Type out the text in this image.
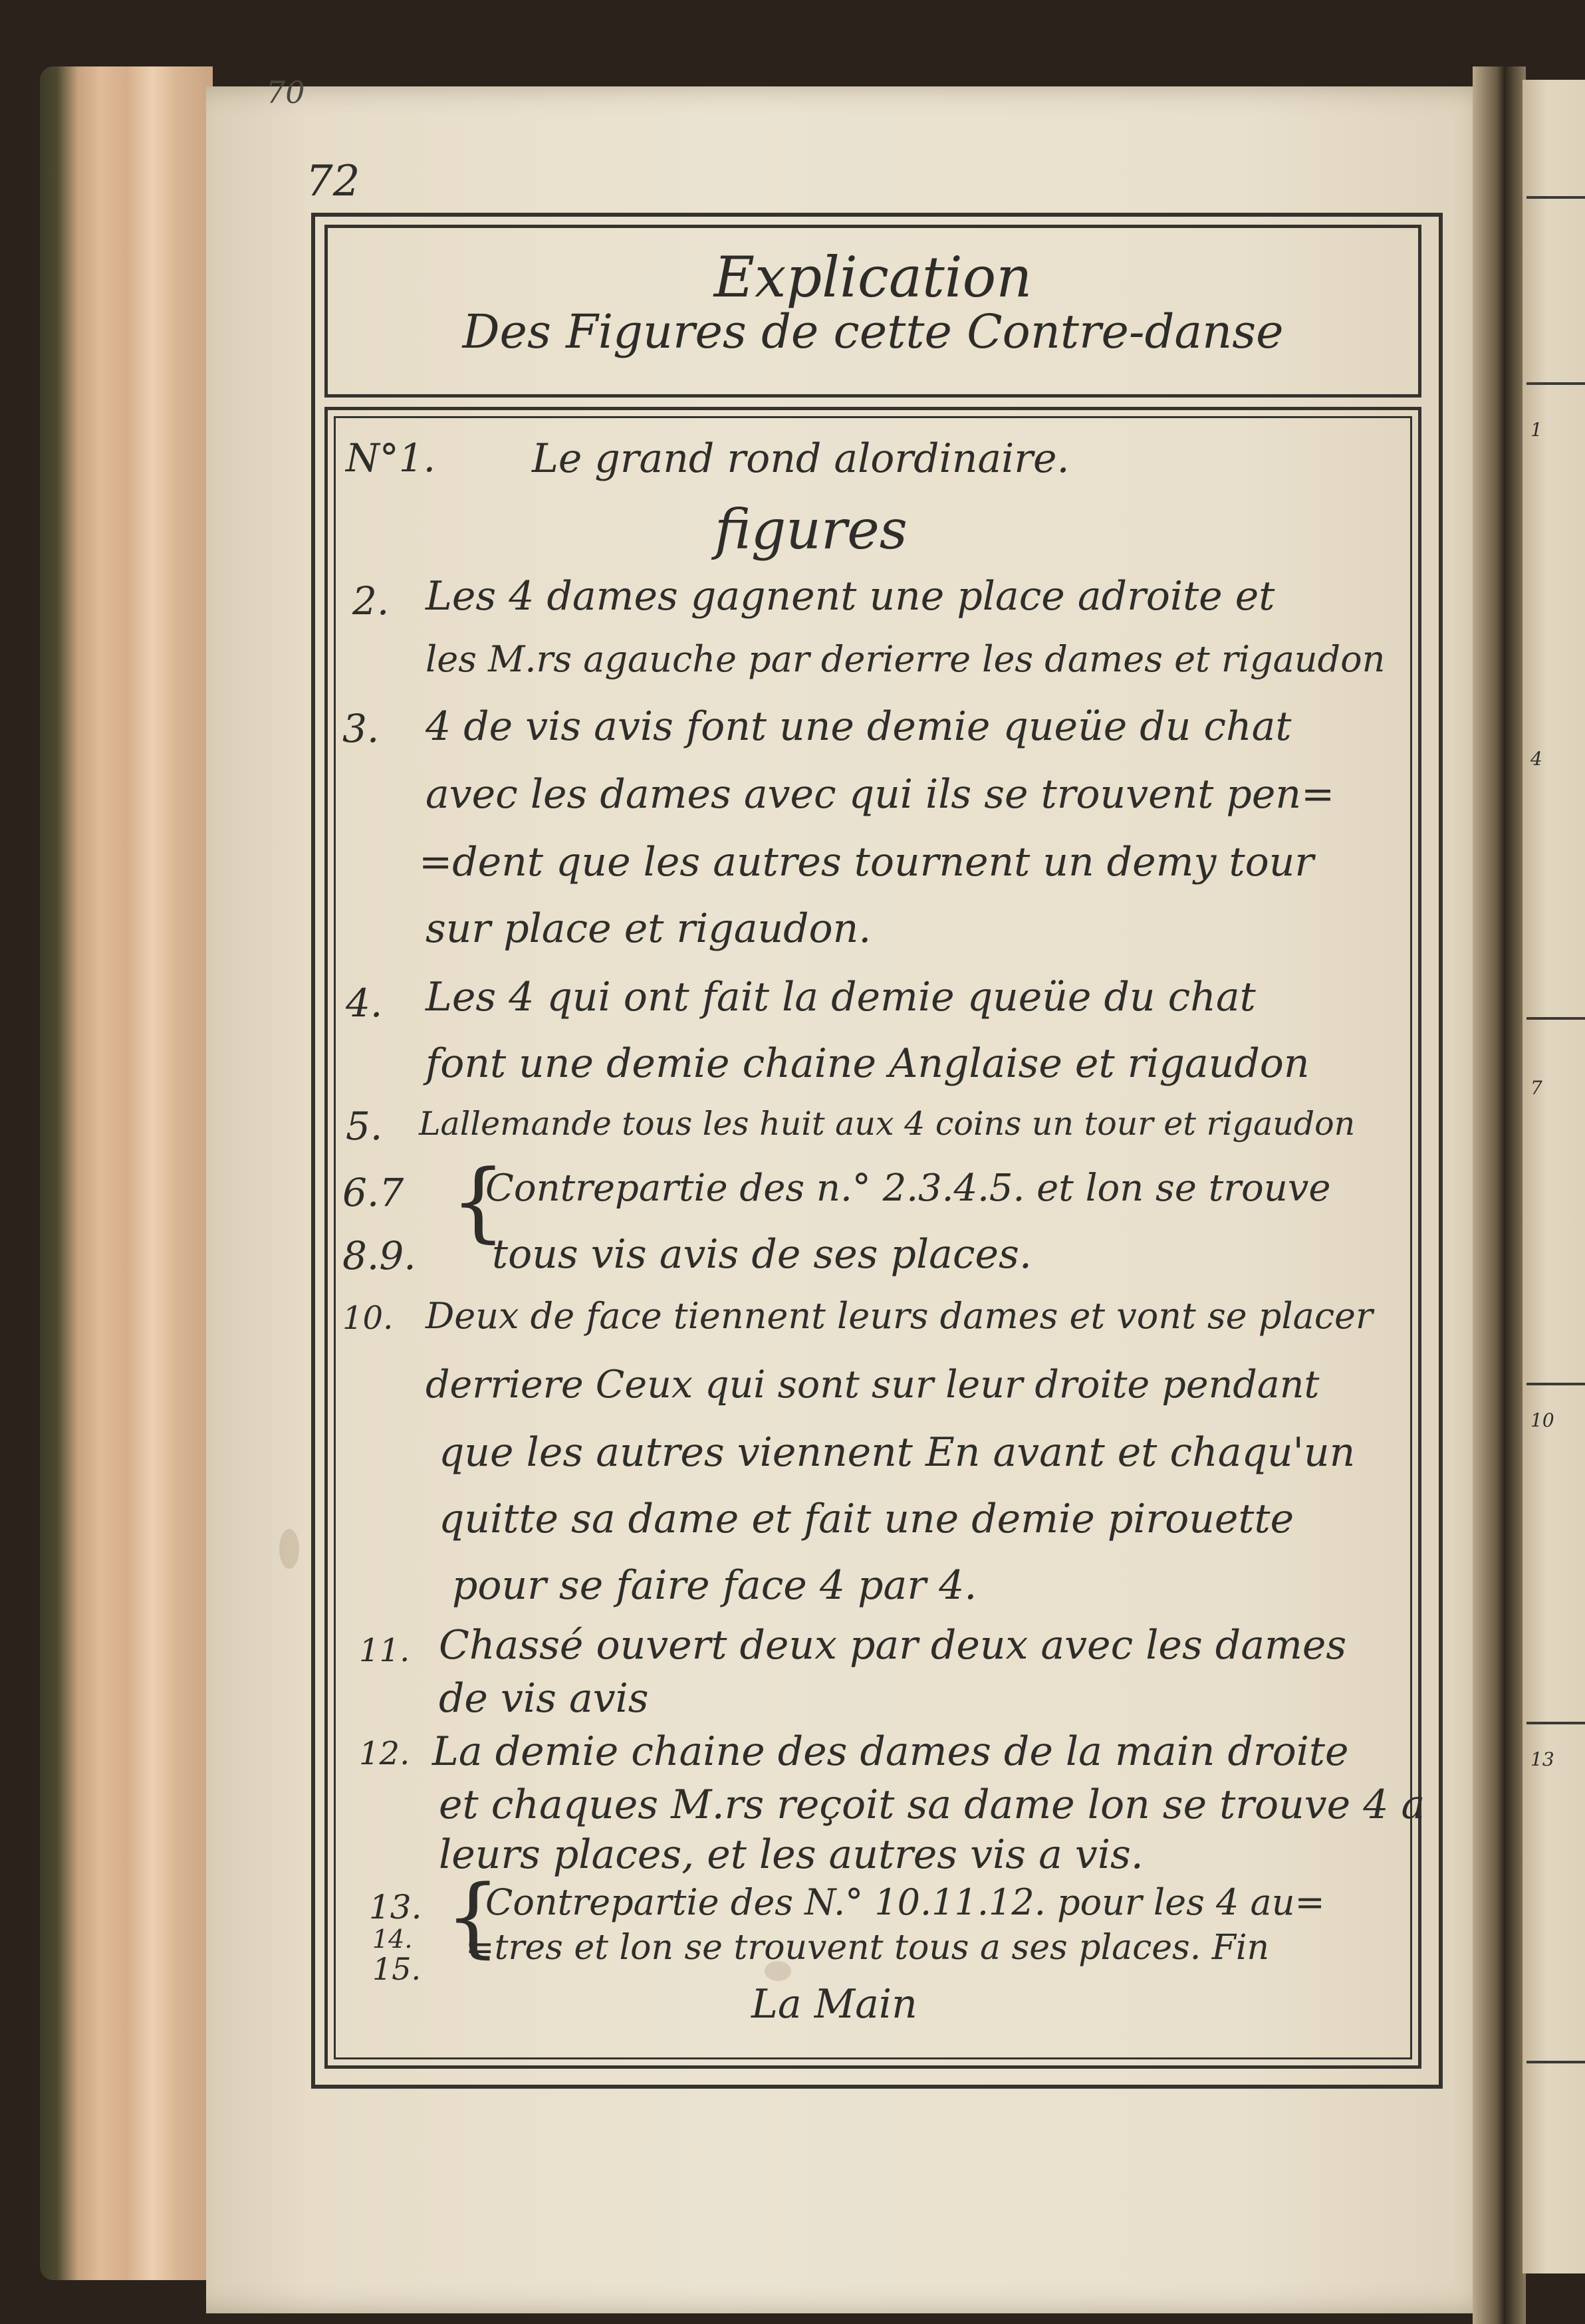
1
4
7
10
13
70
72
Explication
Des Figures de cette Contre-danse
N°1. Le grand rond alordinaire.
figures
2. Les 4 dames gagnent une place adroite et
les M.rs agauche par derierre les dames et rigaudon
3. 4 de vis avis font une demie queüe du chat
avec les dames avec qui ils se trouvent pen=
=dent que les autres tournent un demy tour
sur place et rigaudon.
4. Les 4 qui ont fait la demie queüe du chat
font une demie chaine Anglaise et rigaudon
5. Lallemande tous les huit aux 4 coins un tour et rigaudon
6.7 {
Contrepartie des n.° 2.3.4.5. et lon se trouve
8.9. tous vis avis de ses places.
10. Deux de face tiennent leurs dames et vont se placer
derriere Ceux qui sont sur leur droite pendant
que les autres viennent En avant et chaqu'un
quitte sa dame et fait une demie pirouette
pour se faire face 4 par 4.
11. Chassé ouvert deux par deux avec les dames
de vis avis
12. La demie chaine des dames de la main droite
et chaques M.rs reçoit sa dame lon se trouve 4 a
leurs places, et les autres vis a vis.
13. {
Contrepartie des N.° 10.11.12. pour les 4 au=
14. =tres et lon se trouvent tous a ses places. Fin
15.
La Main
